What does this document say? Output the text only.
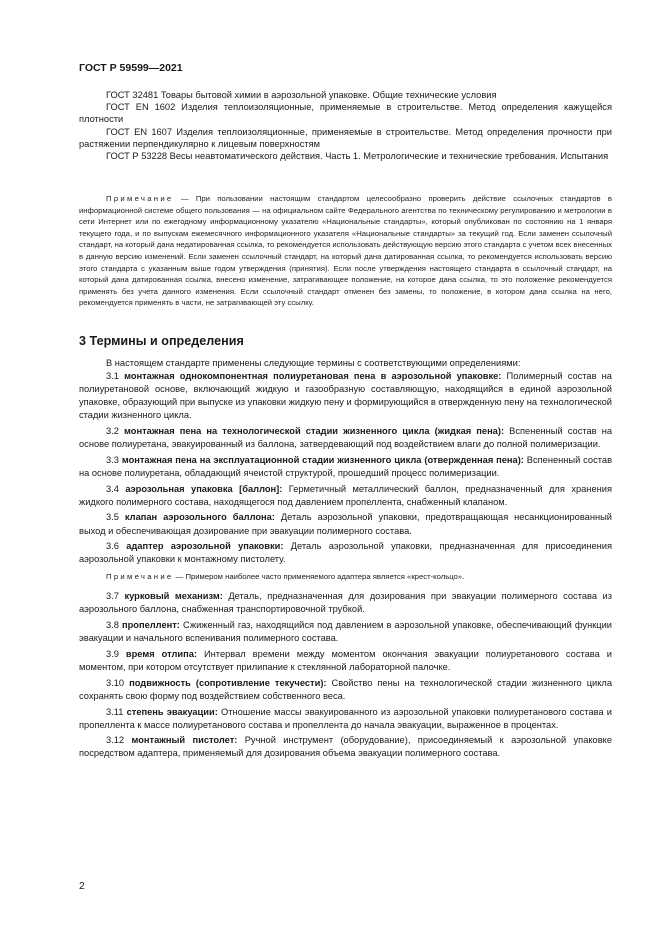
ГОСТ Р 59599—2021

ГОСТ 32481 Товары бытовой химии в аэрозольной упаковке. Общие технические условия

ГОСТ EN 1602 Изделия теплоизоляционные, применяемые в строительстве. Метод определения кажущейся плотности

ГОСТ EN 1607 Изделия теплоизоляционные, применяемые в строительстве. Метод определения прочности при растяжении перпендикулярно к лицевым поверхностям

ГОСТ Р 53228 Весы неавтоматического действия. Часть 1. Метрологические и технические требования. Испытания

Примечание — При пользовании настоящим стандартом целесообразно проверить действие ссылочных стандартов в информационной системе общего пользования — на официальном сайте Федерального агентства по техническому регулированию и метрологии в сети Интернет или по ежегодному информационному указателю «Национальные стандарты», который опубликован по состоянию на 1 января текущего года, и по выпускам ежемесячного информационного указателя «Национальные стандарты» за текущий год. Если заменен ссылочный стандарт, на который дана недатированная ссылка, то рекомендуется использовать действующую версию этого стандарта с учетом всех внесенных в данную версию изменений. Если заменен ссылочный стандарт, на который дана датированная ссылка, то рекомендуется использовать версию этого стандарта с указанным выше годом утверждения (принятия). Если после утверждения настоящего стандарта в ссылочный стандарт, на который дана датированная ссылка, внесено изменение, затрагивающее положение, на которое дана ссылка, то это положение рекомендуется применять без учета данного изменения. Если ссылочный стандарт отменен без замены, то положение, в котором дана ссылка на него, рекомендуется применять в части, не затрагивающей эту ссылку.

3 Термины и определения

В настоящем стандарте применены следующие термины с соответствующими определениями:

3.1 монтажная однокомпонентная полиуретановая пена в аэрозольной упаковке: Полимерный состав на полиуретановой основе, включающий жидкую и газообразную составляющую, находящийся в единой аэрозольной упаковке, образующий при выпуске из упаковки жидкую пену и формирующийся в отвержденную пену на технологической стадии жизненного цикла.

3.2 монтажная пена на технологической стадии жизненного цикла (жидкая пена): Вспененный состав на основе полиуретана, эвакуированный из баллона, затвердевающий под воздействием влаги до полной полимеризации.

3.3 монтажная пена на эксплуатационной стадии жизненного цикла (отвержденная пена): Вспененный состав на основе полиуретана, обладающий ячеистой структурой, прошедший процесс полимеризации.

3.4 аэрозольная упаковка [баллон]: Герметичный металлический баллон, предназначенный для хранения жидкого полимерного состава, находящегося под давлением пропеллента, снабженный клапаном.

3.5 клапан аэрозольного баллона: Деталь аэрозольной упаковки, предотвращающая несанкционированный выход и обеспечивающая дозирование при эвакуации полимерного состава.

3.6 адаптер аэрозольной упаковки: Деталь аэрозольной упаковки, предназначенная для присоединения аэрозольной упаковки к монтажному пистолету.

Примечание — Примером наиболее часто применяемого адаптера является «крест-кольцо».

3.7 курковый механизм: Деталь, предназначенная для дозирования при эвакуации полимерного состава из аэрозольного баллона, снабженная транспортировочной трубкой.

3.8 пропеллент: Сжиженный газ, находящийся под давлением в аэрозольной упаковке, обеспечивающий функции эвакуации и начального вспенивания полимерного состава.

3.9 время отлипа: Интервал времени между моментом окончания эвакуации полиуретанового состава и моментом, при котором отсутствует прилипание к стеклянной лабораторной палочке.

3.10 подвижность (сопротивление текучести): Свойство пены на технологической стадии жизненного цикла сохранять свою форму под воздействием собственного веса.

3.11 степень эвакуации: Отношение массы эвакуированного из аэрозольной упаковки полиуретанового состава и пропеллента к массе полиуретанового состава и пропеллента до начала эвакуации, выраженное в процентах.

3.12 монтажный пистолет: Ручной инструмент (оборудование), присоединяемый к аэрозольной упаковке посредством адаптера, применяемый для дозирования объема эвакуации полимерного состава.

2
